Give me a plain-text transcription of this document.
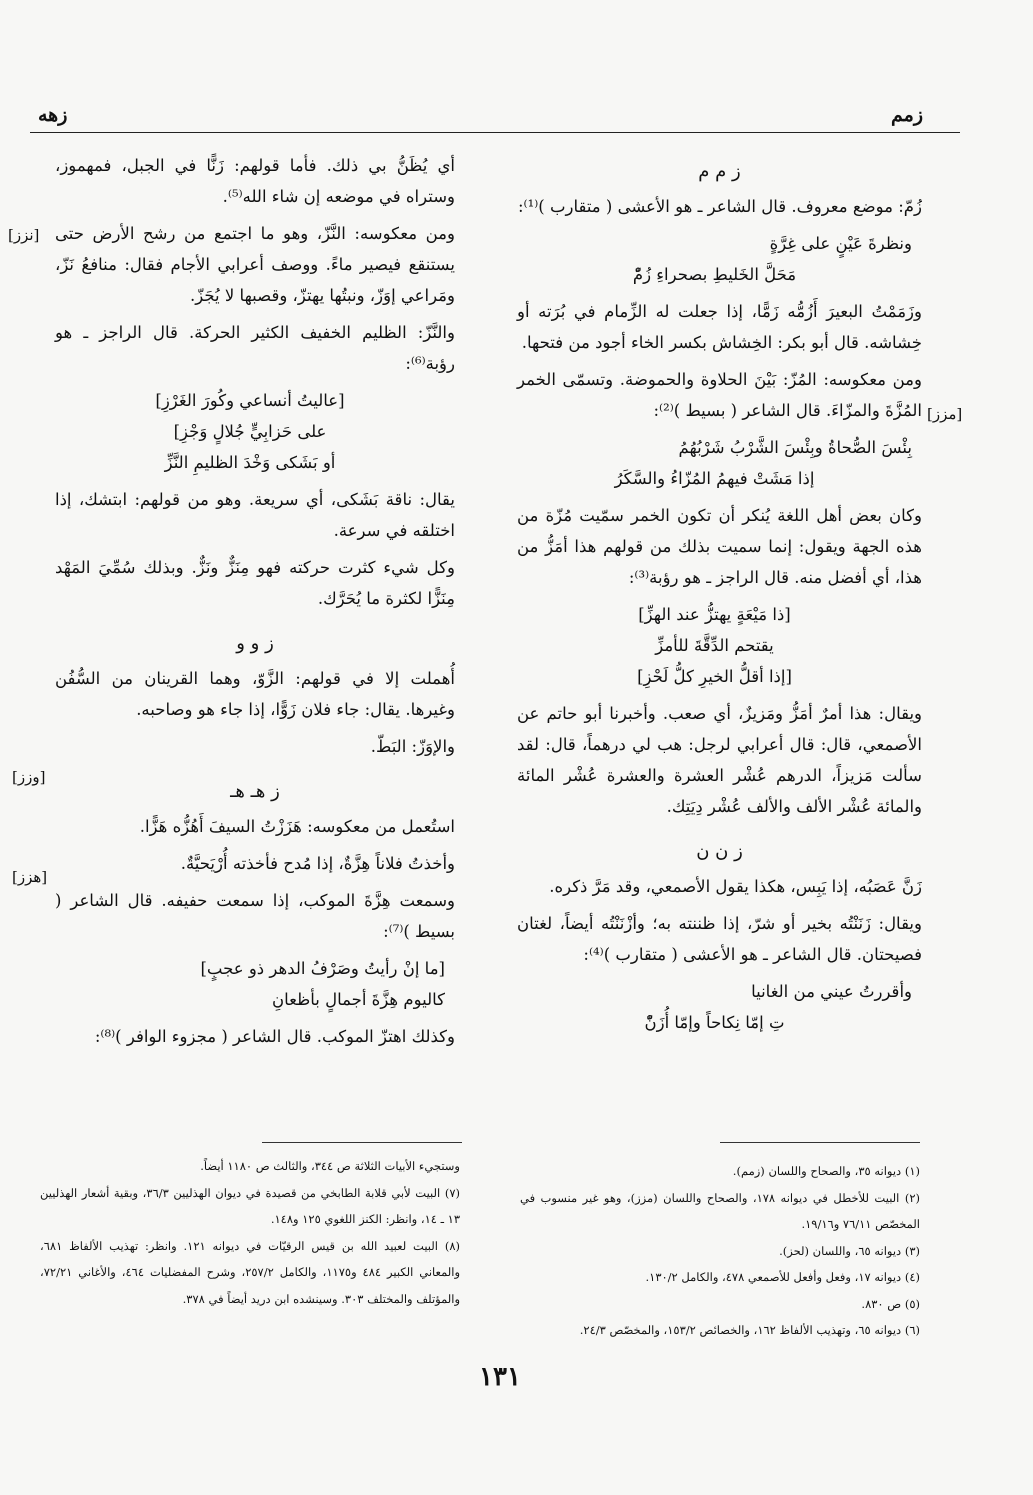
زمم
زهه
ز م م

زُمّ: موضع معروف. قال الشاعر ـ هو الأعشى ( متقارب )⁽¹⁾:

ونظرةَ عَيْنٍ على غِرَّةٍ
مَحَلَّ الخَليطِ بصحراءِ زُمّْ

وزَمَمْتُ البعيرَ أَزُمُّه زَمًّا، إذا جعلت له الزِّمام في بُرَته أو خِشاشه. قال أبو بكر: الخِشاش بكسر الخاء أجود من فتحها.

ومن معكوسه: المُزّ: بَيْنَ الحلاوة والحموضة. وتسمّى الخمر المُزَّةَ والمزّاءَ. قال الشاعر ( بسيط )⁽²⁾:

بِئْسَ الصُّحاةُ وبِئْسَ الشَّرْبُ شَرْبُهُمُ
إذا مَشَتْ فيهمُ المُزّاءُ والسَّكَرُ

وكان بعض أهل اللغة يُنكر أن تكون الخمر سمّيت مُزّة من هذه الجهة ويقول: إنما سميت بذلك من قولهم هذا أمَزُّ من هذا، أي أفضل منه. قال الراجز ـ هو رؤبة⁽³⁾:

[ذا مَيْعَةٍ يهتزُّ عند الهزِّ]
يقتحم الدِّقَّةَ للأمزِّ
[إذا أقلُّ الخيرِ كلُّ لَحْزِ]

ويقال: هذا أمرٌ أمَزُّ ومَزيزٌ، أي صعب. وأخبرنا أبو حاتم عن الأصمعي، قال: قال أعرابي لرجل: هب لي درهماً، قال: لقد سألت مَزيزاً، الدرهم عُشْر العشرة والعشرة عُشْر المائة والمائة عُشْر الألف والألف عُشْر دِيَتِك.

ز ن ن

زَنَّ عَصَبُه، إذا يَبِس، هكذا يقول الأصمعي، وقد مَرَّ ذكره.

ويقال: زَنَنْتُه بخير أو شرّ، إذا ظننته به؛ وأزْنَنْتُه أيضاً، لغتان فصيحتان. قال الشاعر ـ هو الأعشى ( متقارب )⁽⁴⁾:

وأقررتُ عيني من الغانيا
تِ إمّا نِكاحاً وإمّا أُزَنّْ

أي يُظَنُّ بي ذلك. فأما قولهم: زَنًّا في الجبل، فمهموز، وستراه في موضعه إن شاء الله⁽⁵⁾.

ومن معكوسه: النَّزّ، وهو ما اجتمع من رشح الأرض حتى يستنقع فيصير ماءً. ووصف أعرابي الأجام فقال: منافعُ نَزّ، ومَراعي إوَزّ، ونبتُها يهتزّ، وقصبها لا يُجَزّ.

والنَّزّ: الظليم الخفيف الكثير الحركة. قال الراجز ـ هو رؤبة⁽⁶⁾:

[عاليتُ أنساعي وكُورَ الغَرْزِ]
على حَزابِيٍّ جُلالٍ وَجْزِ]
أو بَشَكى وَخْدَ الظليمِ النَّزِّ

يقال: ناقة بَشَكى، أي سريعة. وهو من قولهم: ابتشك، إذا اختلقه في سرعة.

وكل شيء كثرت حركته فهو مِنَزٌّ ونَزٌّ. وبذلك سُمِّيَ المَهْد مِنَزًّا لكثرة ما يُحَرَّك.

ز و و

أُهملت إلا في قولهم: الزَّوّ، وهما القرينان من السُّفُن وغيرها. يقال: جاء فلان زَوًّا، إذا جاء هو وصاحبه.

والإوَزّ: البَطّ.

ز هـ هـ

استُعمل من معكوسه: هَزَزْتُ السيفَ أَهُزُّه هَزًّا.

وأخذتُ فلاناً هِزَّةٌ، إذا مُدح فأخذته أُرْيَحيَّةٌ.

وسمعت هِزَّةَ الموكب، إذا سمعت حفيفه. قال الشاعر ( بسيط )⁽⁷⁾:

[ما إنْ رأيتُ وصَرْفُ الدهر ذو عجبٍ]
كاليوم هِزَّةَ أجمالٍ بأظعانِ

وكذلك اهتزّ الموكب. قال الشاعر ( مجزوء الوافر )⁽⁸⁾:

[مزز]
[نزز]
[وزز]
[هزز]

(١) ديوانه ٣٥، والصحاح واللسان (زمم).

(٢) البيت للأخطل في ديوانه ١٧٨، والصحاح واللسان (مزز)، وهو غير منسوب في المخصّص ٧٦/١١ و١٩/١٦.

(٣) ديوانه ٦٥، واللسان (لحز).

(٤) ديوانه ١٧، وفعل وأفعل للأصمعي ٤٧٨، والكامل ١٣٠/٢.

(٥) ص ٨٣٠.

(٦) ديوانه ٦٥، وتهذيب الألفاظ ١٦٢، والخصائص ١٥٣/٢، والمخصّص ٢٤/٣.

وستجيء الأبيات الثلاثة ص ٣٤٤، والثالث ص ١١٨٠ أيضاً.

(٧) البيت لأبي قلابة الطابخي من قصيدة في ديوان الهذليين ٣٦/٣، وبقية أشعار الهذليين ١٣ ـ ١٤، وانظر: الكنز اللغوي ١٢٥ و١٤٨.

(٨) البيت لعبيد الله بن قيس الرقيّات في ديوانه ١٢١. وانظر: تهذيب الألفاظ ٦٨١، والمعاني الكبير ٤٨٤ و١١٧٥، والكامل ٢٥٧/٢، وشرح المفضليات ٤٦٤، والأغاني ٧٢/٢١، والمؤتلف والمختلف ٣٠٣. وسينشده ابن دريد أيضاً في ٣٧٨.

١٣١
